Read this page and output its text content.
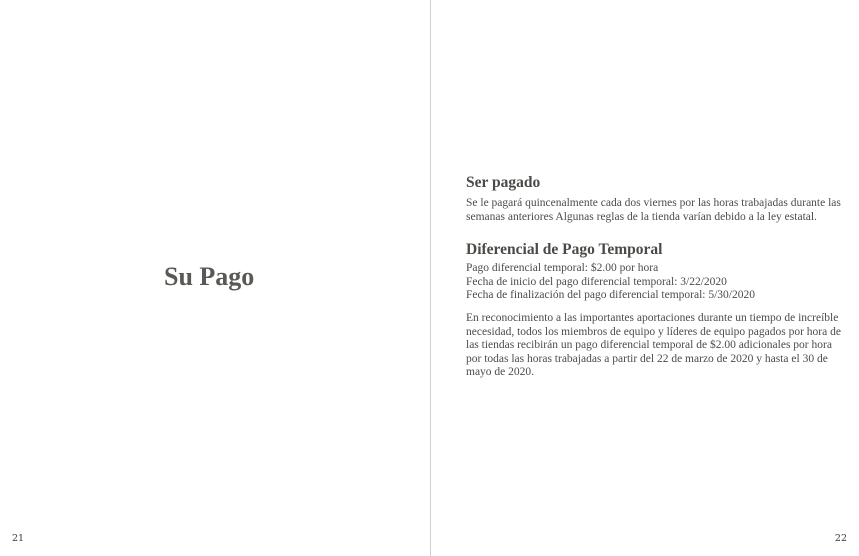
Su Pago
21
Ser pagado

Se le pagará quincenalmente cada dos viernes por las horas trabajadas durante las semanas anteriores Algunas reglas de la tienda varían debido a la ley estatal.

Diferencial de Pago Temporal
Pago diferencial temporal: $2.00 por hora
Fecha de inicio del pago diferencial temporal: 3/22/2020
Fecha de finalización del pago diferencial temporal: 5/30/2020

En reconocimiento a las importantes aportaciones durante un tiempo de increíble necesidad, todos los miembros de equipo y líderes de equipo pagados por hora de las tiendas recibirán un pago diferencial temporal de $2.00 adicionales por hora por todas las horas trabajadas a partir del 22 de marzo de 2020 y hasta el 30 de mayo de 2020.

22
